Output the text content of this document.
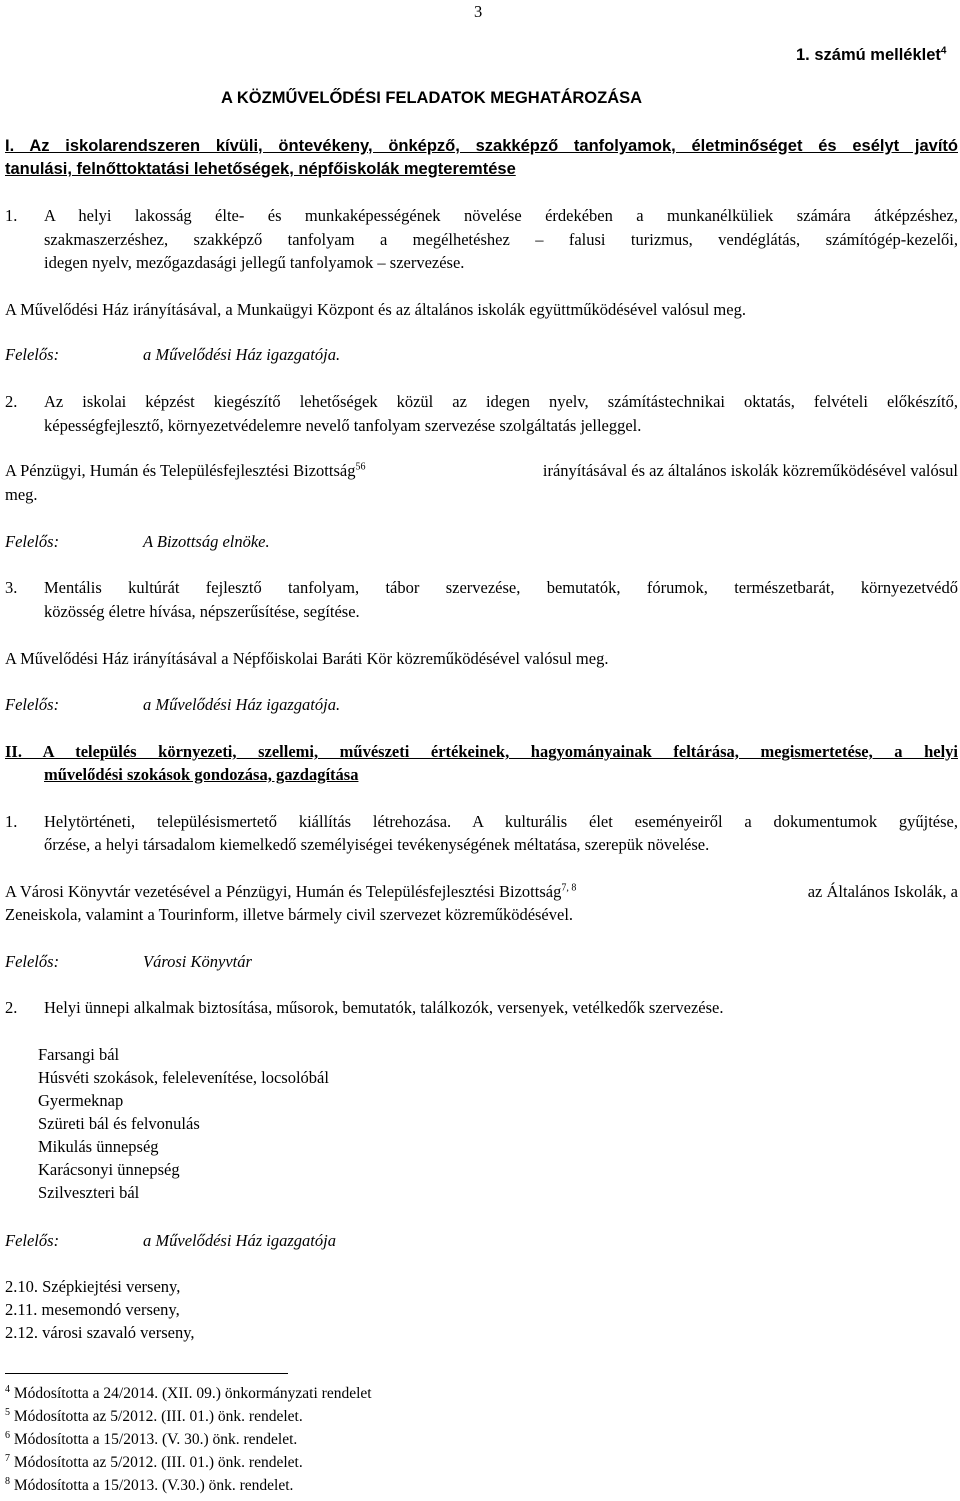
3
1. számú melléklet$^4$
A KÖZMŰVELŐDÉSI FELADATOK MEGHATÁROZÁSA
I. Az iskolarendszeren kívüli, öntevékeny, önképző, szakképző tanfolyamok, életminőséget és esélyt javító
tanulási, felnőttoktatási lehetőségek, népfőiskolák megteremtése
1. A helyi lakosság élte- és munkaképességének növelése érdekében a munkanélküliek számára átképzéshez,
szakmaszerzéshez, szakképző tanfolyam a megélhetéshez – falusi turizmus, vendéglátás, számítógép-kezelői,
idegen nyelv, mezőgazdasági jellegű tanfolyamok – szervezése.
A Művelődési Ház irányításával, a Munkaügyi Központ és az általános iskolák együttműködésével valósul meg.
Felelős:	a Művelődési Ház igazgatója.
2. Az iskolai képzést kiegészítő lehetőségek közül az idegen nyelv, számítástechnikai oktatás, felvételi előkészítő,
képességfejlesztő, környezetvédelemre nevelő tanfolyam szervezése szolgáltatás jelleggel.
A Pénzügyi, Humán és Településfejlesztési Bizottság$^{56}$	irányításával és az általános iskolák közreműködésével valósul
meg.
Felelős:	A Bizottság elnöke.
3. Mentális kultúrát fejlesztő tanfolyam, tábor szervezése, bemutatók, fórumok, természetbarát, környezetvédő
közösség életre hívása, népszerűsítése, segítése.
A Művelődési Ház irányításával a Népfőiskolai Baráti Kör közreműködésével valósul meg.
Felelős:	a Művelődési Ház igazgatója.
II. A település környezeti, szellemi, művészeti értékeinek, hagyományainak feltárása, megismertetése, a helyi
művelődési szokások gondozása, gazdagítása
1. Helytörténeti, településismertető kiállítás létrehozása. A kulturális élet eseményeiről a dokumentumok gyűjtése,
őrzése, a helyi társadalom kiemelkedő személyiségei tevékenységének méltatása, szerepük növelése.
A Városi Könyvtár vezetésével a Pénzügyi, Humán és Településfejlesztési Bizottság$^{7, 8}$	az Általános Iskolák, a
Zeneiskola, valamint a Tourinform, illetve bármely civil szervezet közreműködésével.
Felelős:	Városi Könyvtár
2. Helyi ünnepi alkalmak biztosítása, műsorok, bemutatók, találkozók, versenyek, vetélkedők szervezése.
Farsangi bál
Húsvéti szokások, felelevenítése, locsolóbál
Gyermeknap
Szüreti bál és felvonulás
Mikulás ünnepség
Karácsonyi ünnepség
Szilveszteri bál
Felelős:	a Művelődési Ház igazgatója
2.10. Szépkiejtési verseny,
2.11. mesemondó verseny,
2.12. városi szavaló verseny,
$^4$ Módosította a 24/2014. (XII. 09.) önkormányzati rendelet
$^5$ Módosította az 5/2012. (III. 01.) önk. rendelet.
$^6$ Módosította a 15/2013. (V. 30.) önk. rendelet.
$^7$ Módosította az 5/2012. (III. 01.) önk. rendelet.
$^8$ Módosította a 15/2013. (V.30.) önk. rendelet.
